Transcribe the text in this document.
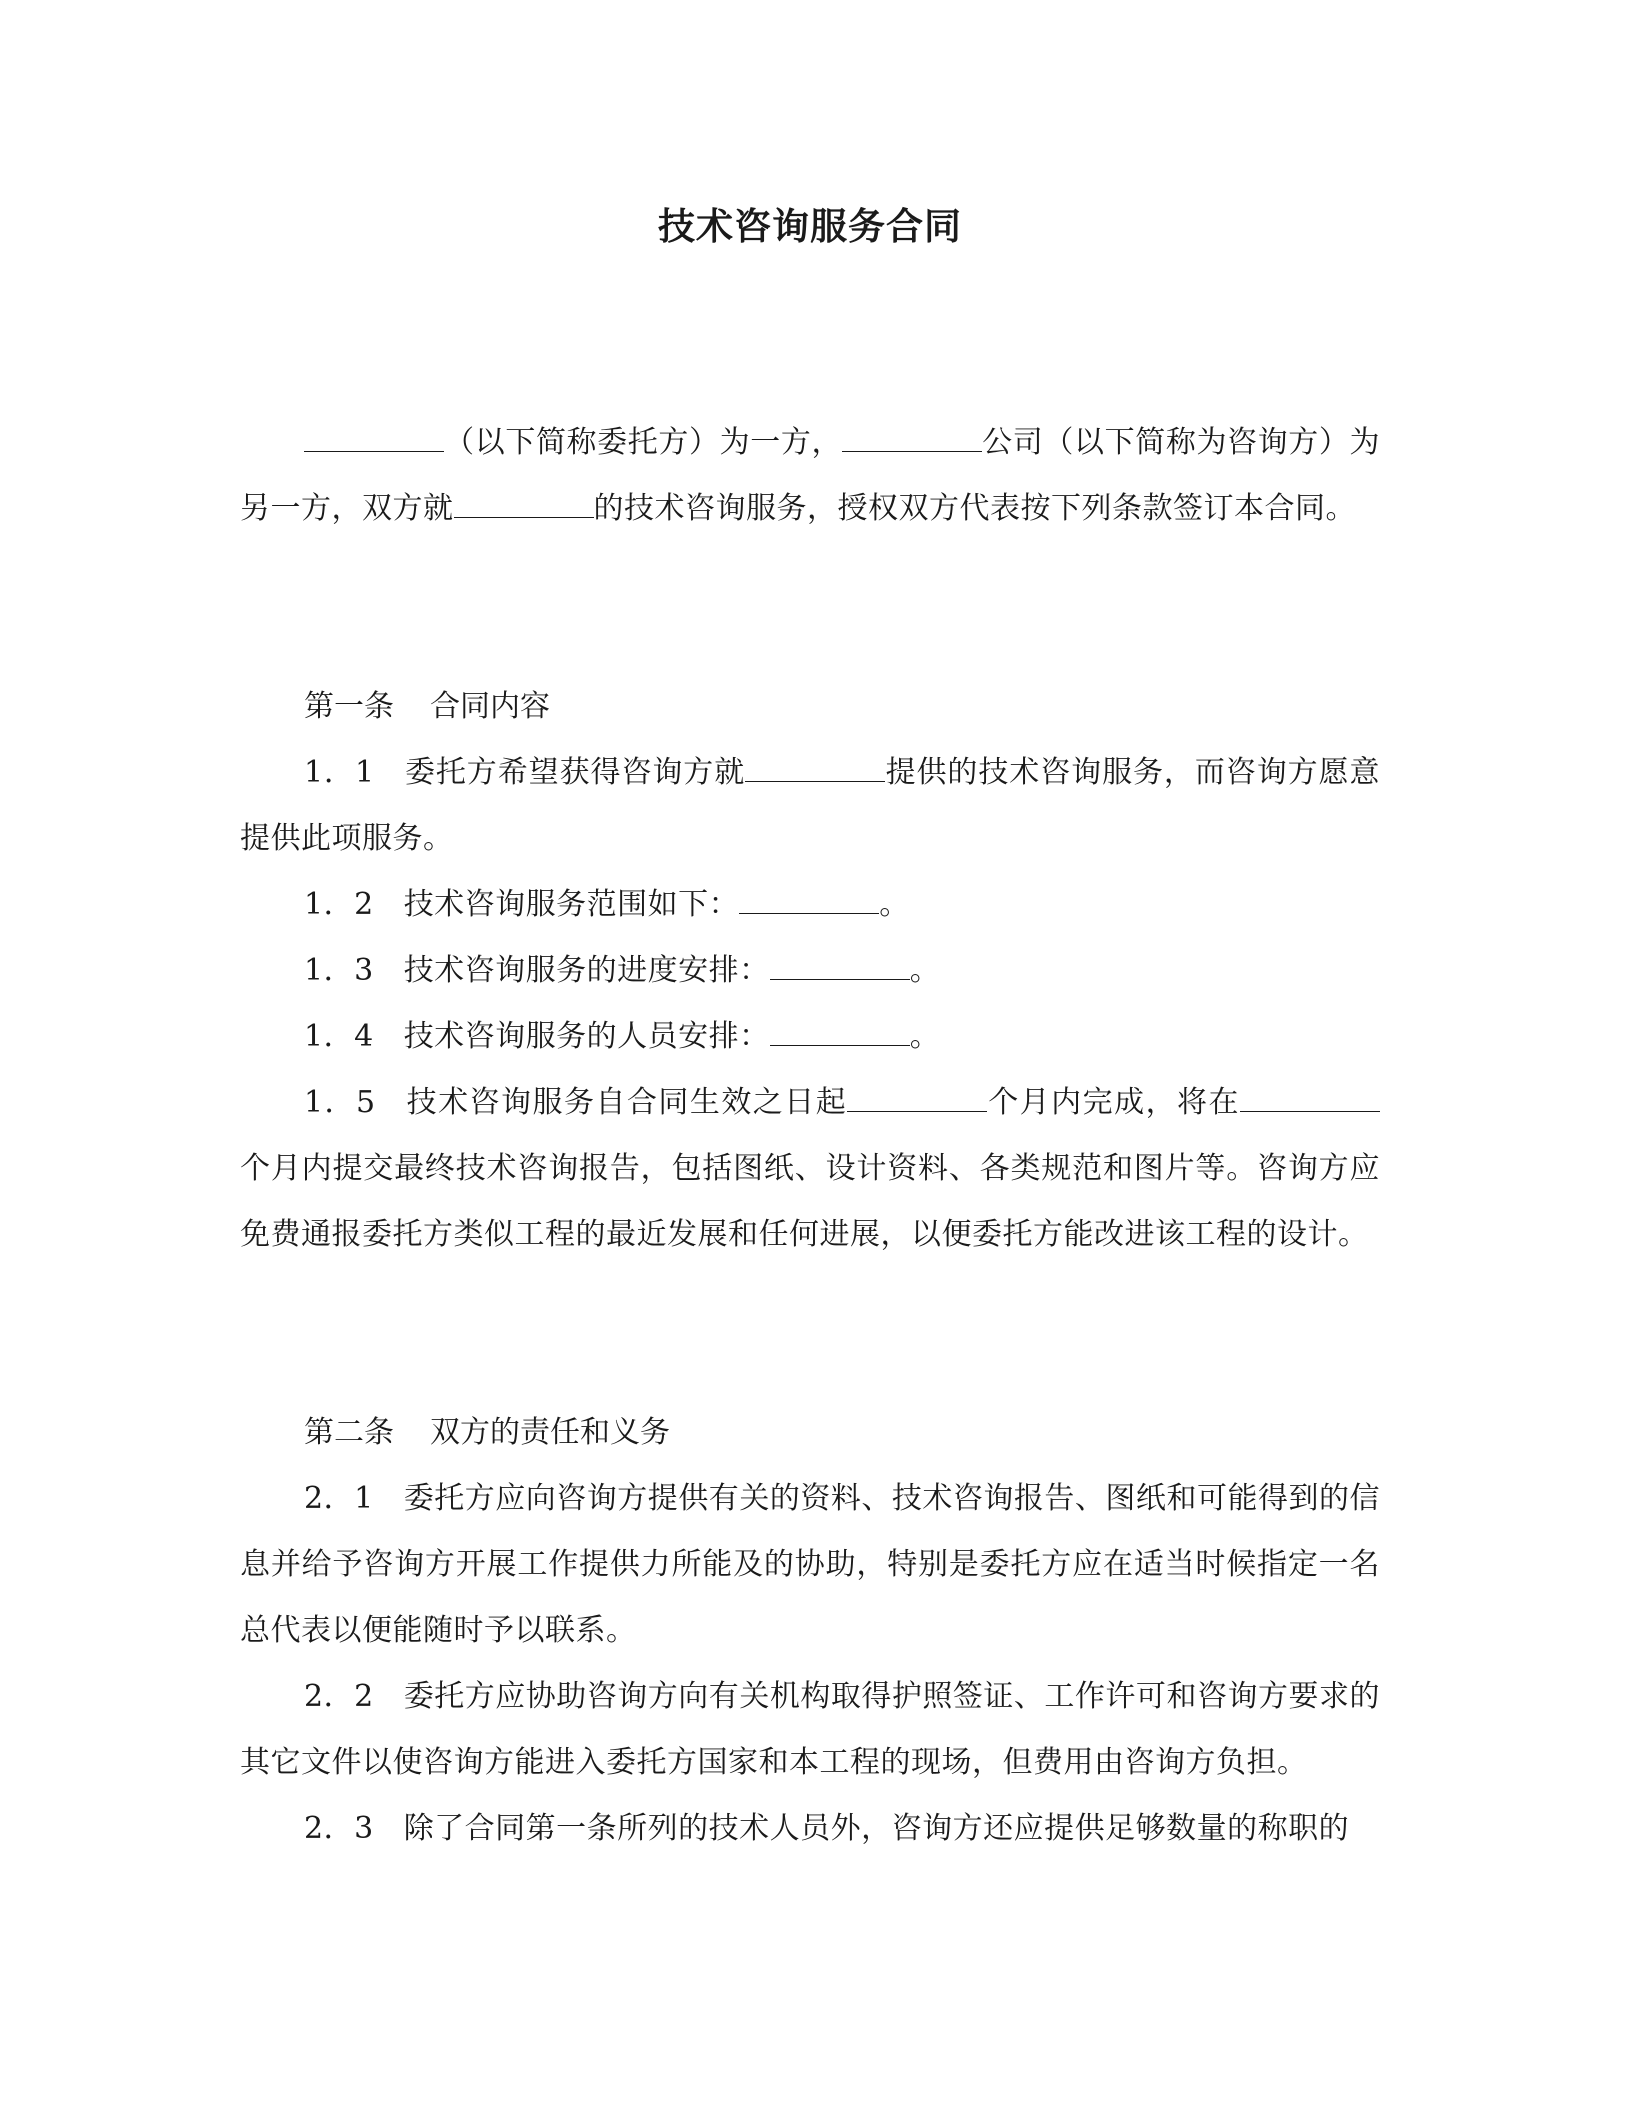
技术咨询服务合同

（以下简称委托方）为一方，	公司（以下简称为咨询方）为另一方，双方就	的技术咨询服务，授权双方代表按下列条款签订本合同。

第一条 合同内容

1．1 委托方希望获得咨询方就	提供的技术咨询服务，而咨询方愿意提供此项服务。

1．2 技术咨询服务范围如下：	。

1．3 技术咨询服务的进度安排：	。

1．4 技术咨询服务的人员安排：	。

1．5 技术咨询服务自合同生效之日起	个月内完成，将在个月内提交最终技术咨询报告，包括图纸、设计资料、各类规范和图片等。咨询方应免费通报委托方类似工程的最近发展和任何进展，以便委托方能改进该工程的设计。

第二条 双方的责任和义务

2．1 委托方应向咨询方提供有关的资料、技术咨询报告、图纸和可能得到的信息并给予咨询方开展工作提供力所能及的协助，特别是委托方应在适当时候指定一名总代表以便能随时予以联系。

2．2 委托方应协助咨询方向有关机构取得护照签证、工作许可和咨询方要求的其它文件以使咨询方能进入委托方国家和本工程的现场，但费用由咨询方负担。

2．3 除了合同第一条所列的技术人员外，咨询方还应提供足够数量的称职的
